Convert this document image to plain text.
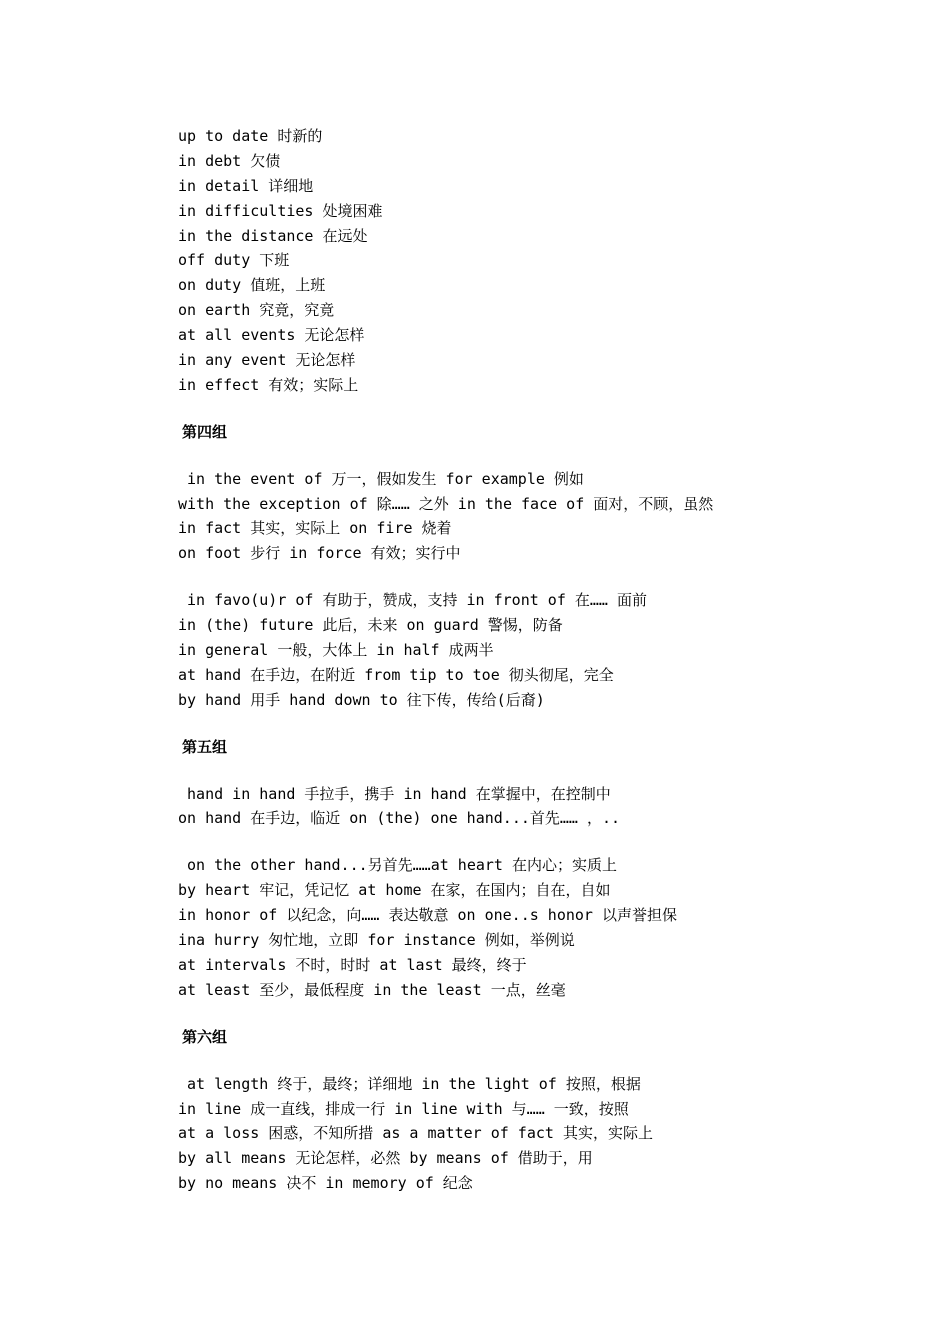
up to date 时新的
in debt 欠债
in detail 详细地
in difficulties 处境困难
in the distance 在远处
off duty 下班
on duty 值班，上班
on earth 究竟，究竟
at all events 无论怎样
in any event 无论怎样
in effect 有效；实际上
第四组
in the event of 万一，假如发生 for example 例如
with the exception of 除…… 之外 in the face of 面对，不顾，虽然
in fact 其实，实际上 on fire 烧着
on foot 步行 in force 有效；实行中
in favo(u)r of 有助于，赞成，支持 in front of 在…… 面前
in (the) future 此后，未来 on guard 警惕，防备
in general 一般，大体上 in half 成两半
at hand 在手边，在附近 from tip to toe 彻头彻尾，完全
by hand 用手 hand down to 往下传，传给(后裔)
第五组
hand in hand 手拉手，携手 in hand 在掌握中，在控制中
on hand 在手边，临近 on (the) one hand...首先…… ，..
on the other hand...另首先……at heart 在内心；实质上
by heart 牢记，凭记忆 at home 在家，在国内；自在，自如
in honor of 以纪念，向…… 表达敬意 on one..s honor 以声誉担保
ina hurry 匆忙地，立即 for instance 例如，举例说
at intervals 不时，时时 at last 最终，终于
at least 至少，最低程度 in the least 一点，丝毫
第六组
at length 终于，最终；详细地 in the light of 按照，根据
in line 成一直线，排成一行 in line with 与…… 一致，按照
at a loss 困惑，不知所措 as a matter of fact 其实，实际上
by all means 无论怎样，必然 by means of 借助于，用
by no means 决不 in memory of 纪念
